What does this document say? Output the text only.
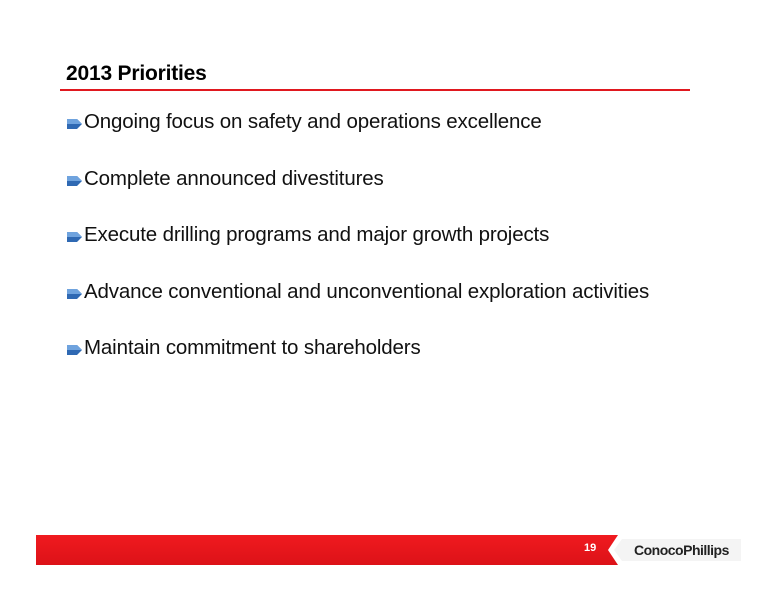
2013 Priorities
Ongoing focus on safety and operations excellence
Complete announced divestitures
Execute drilling programs and major growth projects
Advance conventional and unconventional exploration activities
Maintain commitment to shareholders
19	ConocoPhillips
